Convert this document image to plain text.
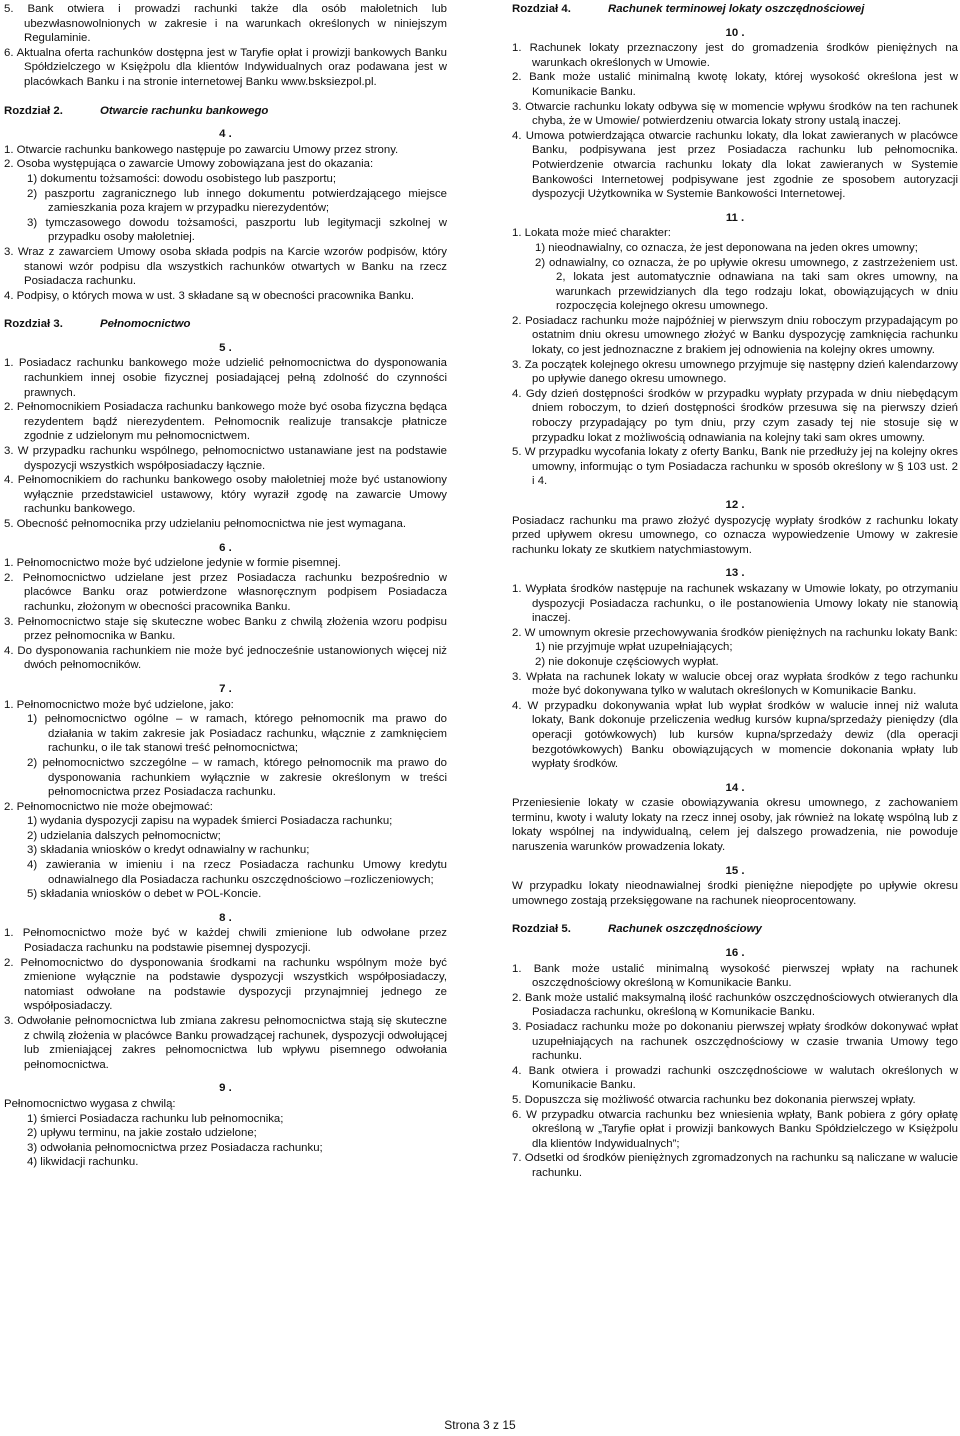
5. Bank otwiera i prowadzi rachunki także dla osób małoletnich lub ubezwłasnowolnionych w zakresie i na warunkach określonych w niniejszym Regulaminie.

6. Aktualna oferta rachunków dostępna jest w Taryfie opłat i prowizji bankowych Banku Spółdzielczego w Księżpolu dla klientów Indywidualnych oraz podawana jest w placówkach Banku i na stronie internetowej Banku www.bsksiezpol.pl.

Rozdział 2.	Otwarcie rachunku bankowego
4 .

1. Otwarcie rachunku bankowego następuje po zawarciu Umowy przez strony.

2. Osoba występująca o zawarcie Umowy zobowiązana jest do okazania:

1) dokumentu tożsamości: dowodu osobistego lub paszportu;

2) paszportu zagranicznego lub innego dokumentu potwierdzającego miejsce zamieszkania poza krajem w przypadku nierezydentów;

3) tymczasowego dowodu tożsamości, paszportu lub legitymacji szkolnej w przypadku osoby małoletniej.

3. Wraz z zawarciem Umowy osoba składa podpis na Karcie wzorów podpisów, który stanowi wzór podpisu dla wszystkich rachunków otwartych w Banku na rzecz Posiadacza rachunku.

4. Podpisy, o których mowa w ust. 3 składane są w obecności pracownika Banku.

Rozdział 3.	Pełnomocnictwo
5 .

1. Posiadacz rachunku bankowego może udzielić pełnomocnictwa do dysponowania rachunkiem innej osobie fizycznej posiadającej pełną zdolność do czynności prawnych.

2. Pełnomocnikiem Posiadacza rachunku bankowego może być osoba fizyczna będąca rezydentem bądź nierezydentem. Pełnomocnik realizuje transakcje płatnicze zgodnie z udzielonym mu pełnomocnictwem.

3. W przypadku rachunku wspólnego, pełnomocnictwo ustanawiane jest na podstawie dyspozycji wszystkich współposiadaczy łącznie.

4. Pełnomocnikiem do rachunku bankowego osoby małoletniej może być ustanowiony wyłącznie przedstawiciel ustawowy, który wyraził zgodę na zawarcie Umowy rachunku bankowego.

5. Obecność pełnomocnika przy udzielaniu pełnomocnictwa nie jest wymagana.

6 .

1. Pełnomocnictwo może być udzielone jedynie w formie pisemnej.

2. Pełnomocnictwo udzielane jest przez Posiadacza rachunku bezpośrednio w placówce Banku oraz potwierdzone własnoręcznym podpisem Posiadacza rachunku, złożonym w obecności pracownika Banku.

3. Pełnomocnictwo staje się skuteczne wobec Banku z chwilą złożenia wzoru podpisu przez pełnomocnika w Banku.

4. Do dysponowania rachunkiem nie może być jednocześnie ustanowionych więcej niż dwóch pełnomocników.

7 .

1. Pełnomocnictwo może być udzielone, jako:

1) pełnomocnictwo ogólne – w ramach, którego pełnomocnik ma prawo do działania w takim zakresie jak Posiadacz rachunku, włącznie z zamknięciem rachunku, o ile tak stanowi treść pełnomocnictwa;

2) pełnomocnictwo szczególne – w ramach, którego pełnomocnik ma prawo do dysponowania rachunkiem wyłącznie w zakresie określonym w treści pełnomocnictwa przez Posiadacza rachunku.

2. Pełnomocnictwo nie może obejmować:

1) wydania dyspozycji zapisu na wypadek śmierci Posiadacza rachunku;

2) udzielania dalszych pełnomocnictw;

3) składania wniosków o kredyt odnawialny w rachunku;

4) zawierania w imieniu i na rzecz Posiadacza rachunku Umowy kredytu odnawialnego dla Posiadacza rachunku oszczędnościowo –rozliczeniowych;

5) składania wniosków o debet w POL-Koncie.

8 .

1. Pełnomocnictwo może być w każdej chwili zmienione lub odwołane przez Posiadacza rachunku na podstawie pisemnej dyspozycji.

2. Pełnomocnictwo do dysponowania środkami na rachunku wspólnym może być zmienione wyłącznie na podstawie dyspozycji wszystkich współposiadaczy, natomiast odwołane na podstawie dyspozycji przynajmniej jednego ze współposiadaczy.

3. Odwołanie pełnomocnictwa lub zmiana zakresu pełnomocnictwa stają się skuteczne z chwilą złożenia w placówce Banku prowadzącej rachunek, dyspozycji odwołującej lub zmieniającej zakres pełnomocnictwa lub wpływu pisemnego odwołania pełnomocnictwa.

9 .

Pełnomocnictwo wygasa z chwilą:

1) śmierci Posiadacza rachunku lub pełnomocnika;

2) upływu terminu, na jakie zostało udzielone;

3) odwołania pełnomocnictwa przez Posiadacza rachunku;

4) likwidacji rachunku.

Rozdział 4.	Rachunek terminowej lokaty oszczędnościowej
10 .

1. Rachunek lokaty przeznaczony jest do gromadzenia środków pieniężnych na warunkach określonych w Umowie.

2. Bank może ustalić minimalną kwotę lokaty, której wysokość określona jest w Komunikacie Banku.

3. Otwarcie rachunku lokaty odbywa się w momencie wpływu środków na ten rachunek chyba, że w Umowie/ potwierdzeniu otwarcia lokaty strony ustalą inaczej.

4. Umowa potwierdzająca otwarcie rachunku lokaty, dla lokat zawieranych w placówce Banku, podpisywana jest przez Posiadacza rachunku lub pełnomocnika. Potwierdzenie otwarcia rachunku lokaty dla lokat zawieranych w Systemie Bankowości Internetowej podpisywane jest zgodnie ze sposobem autoryzacji dyspozycji Użytkownika w Systemie Bankowości Internetowej.

11 .

1. Lokata może mieć charakter:

1) nieodnawialny, co oznacza, że jest deponowana na jeden okres umowny;

2) odnawialny, co oznacza, że po upływie okresu umownego, z zastrzeżeniem ust. 2, lokata jest automatycznie odnawiana na taki sam okres umowny, na warunkach przewidzianych dla tego rodzaju lokat, obowiązujących w dniu rozpoczęcia kolejnego okresu umownego.

2. Posiadacz rachunku może najpóźniej w pierwszym dniu roboczym przypadającym po ostatnim dniu okresu umownego złożyć w Banku dyspozycję zamknięcia rachunku lokaty, co jest jednoznaczne z brakiem jej odnowienia na kolejny okres umowny.

3. Za początek kolejnego okresu umownego przyjmuje się następny dzień kalendarzowy po upływie danego okresu umownego.

4. Gdy dzień dostępności środków w przypadku wypłaty przypada w dniu niebędącym dniem roboczym, to dzień dostępności środków przesuwa się na pierwszy dzień roboczy przypadający po tym dniu, przy czym zasady tej nie stosuje się w przypadku lokat z możliwością odnawiania na kolejny taki sam okres umowny.

5. W przypadku wycofania lokaty z oferty Banku, Bank nie przedłuży jej na kolejny okres umowny, informując o tym Posiadacza rachunku w sposób określony w § 103 ust. 2 i 4.

12 .

Posiadacz rachunku ma prawo złożyć dyspozycję wypłaty środków z rachunku lokaty przed upływem okresu umownego, co oznacza wypowiedzenie Umowy w zakresie rachunku lokaty ze skutkiem natychmiastowym.

13 .

1. Wypłata środków następuje na rachunek wskazany w Umowie lokaty, po otrzymaniu dyspozycji Posiadacza rachunku, o ile postanowienia Umowy lokaty nie stanowią inaczej.

2. W umownym okresie przechowywania środków pieniężnych na rachunku lokaty Bank:

1) nie przyjmuje wpłat uzupełniających;

2) nie dokonuje częściowych wypłat.

3. Wpłata na rachunek lokaty w walucie obcej oraz wypłata środków z tego rachunku może być dokonywana tylko w walutach określonych w Komunikacie Banku.

4. W przypadku dokonywania wpłat lub wypłat środków w walucie innej niż waluta lokaty, Bank dokonuje przeliczenia według kursów kupna/sprzedaży pieniędzy (dla operacji gotówkowych) lub kursów kupna/sprzedaży dewiz (dla operacji bezgotówkowych) Banku obowiązujących w momencie dokonania wpłaty lub wypłaty środków.

14 .

Przeniesienie lokaty w czasie obowiązywania okresu umownego, z zachowaniem terminu, kwoty i waluty lokaty na rzecz innej osoby, jak również na lokatę wspólną lub z lokaty wspólnej na indywidualną, celem jej dalszego prowadzenia, nie powoduje naruszenia warunków prowadzenia lokaty.

15 .

W przypadku lokaty nieodnawialnej środki pieniężne niepodjęte po upływie okresu umownego zostają przeksięgowane na rachunek nieoprocentowany.

Rozdział 5.	Rachunek oszczędnościowy
16 .

1. Bank może ustalić minimalną wysokość pierwszej wpłaty na rachunek oszczędnościowy określoną w Komunikacie Banku.

2. Bank może ustalić maksymalną ilość rachunków oszczędnościowych otwieranych dla Posiadacza rachunku, określoną w Komunikacie Banku.

3. Posiadacz rachunku może po dokonaniu pierwszej wpłaty środków dokonywać wpłat uzupełniających na rachunek oszczędnościowy w czasie trwania Umowy tego rachunku.

4. Bank otwiera i prowadzi rachunki oszczędnościowe w walutach określonych w Komunikacie Banku.

5. Dopuszcza się możliwość otwarcia rachunku bez dokonania pierwszej wpłaty.

6. W przypadku otwarcia rachunku bez wniesienia wpłaty, Bank pobiera z góry opłatę określoną w „Taryfie opłat i prowizji bankowych Banku Spółdzielczego w Księżpolu dla klientów Indywidualnych”;

7. Odsetki od środków pieniężnych zgromadzonych na rachunku są naliczane w walucie rachunku.

Strona 3 z 15
